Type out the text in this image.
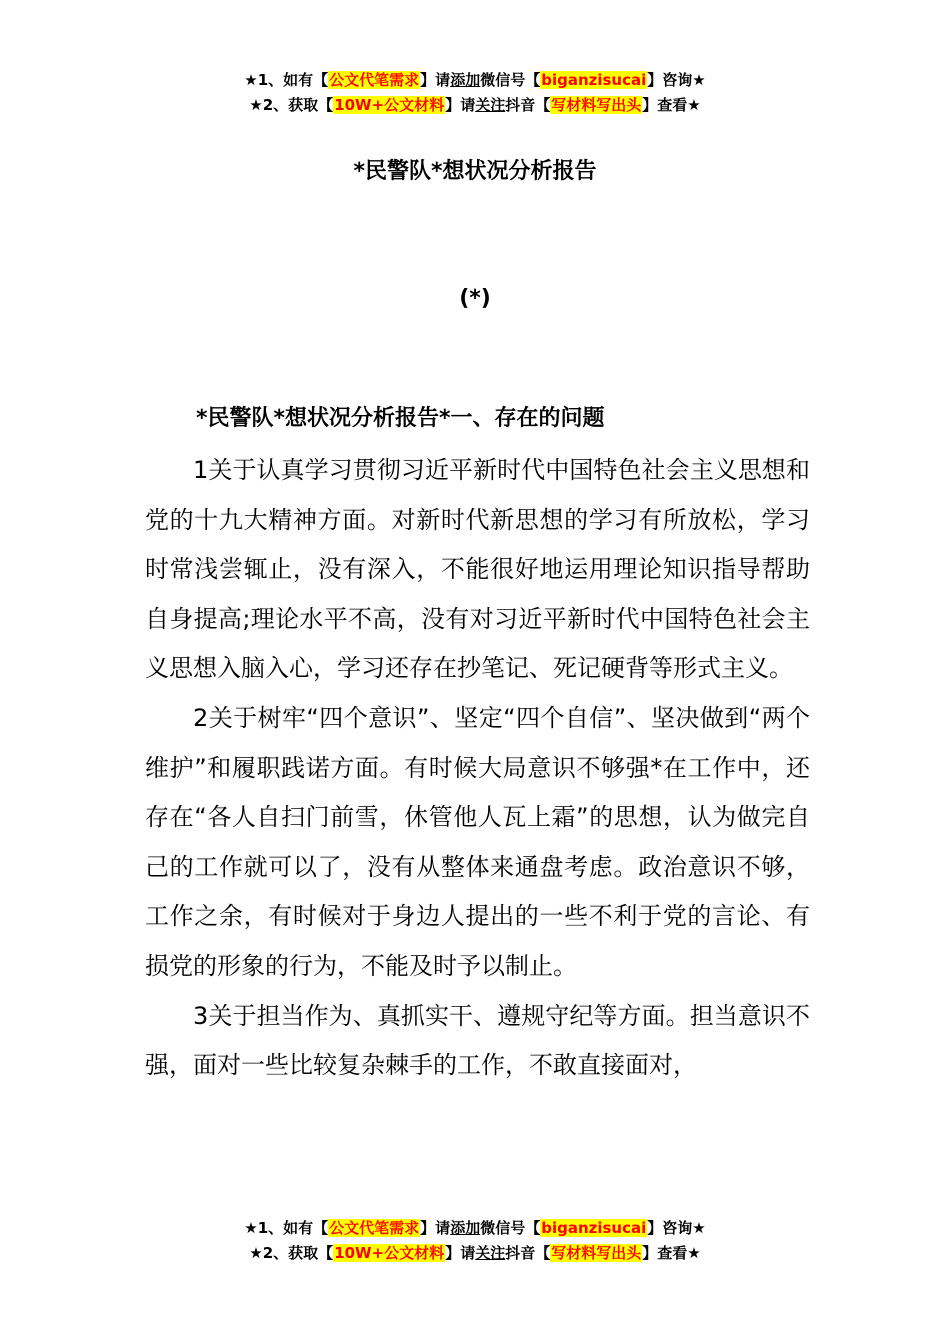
★1、如有【公文代笔需求】请添加微信号【biganzisucai】咨询★
★2、获取【10W+公文材料】请关注抖音【写材料写出头】查看★
*民警队*想状况分析报告
(*)
*民警队*想状况分析报告*一、存在的问题

1关于认真学习贯彻习近平新时代中国特色社会主义思想和党的十九大精神方面。对新时代新思想的学习有所放松，学习时常浅尝辄止，没有深入，不能很好地运用理论知识指导帮助自身提高;理论水平不高，没有对习近平新时代中国特色社会主义思想入脑入心，学习还存在抄笔记、死记硬背等形式主义。

2关于树牢“四个意识”、坚定“四个自信”、坚决做到“两个维护”和履职践诺方面。有时候大局意识不够强*在工作中，还存在“各人自扫门前雪，休管他人瓦上霜”的思想，认为做完自己的工作就可以了，没有从整体来通盘考虑。政治意识不够，工作之余，有时候对于身边人提出的一些不利于党的言论、有损党的形象的行为，不能及时予以制止。

3关于担当作为、真抓实干、遵规守纪等方面。担当意识不强，面对一些比较复杂棘手的工作，不敢直接面对，

★1、如有【公文代笔需求】请添加微信号【biganzisucai】咨询★
★2、获取【10W+公文材料】请关注抖音【写材料写出头】查看★
